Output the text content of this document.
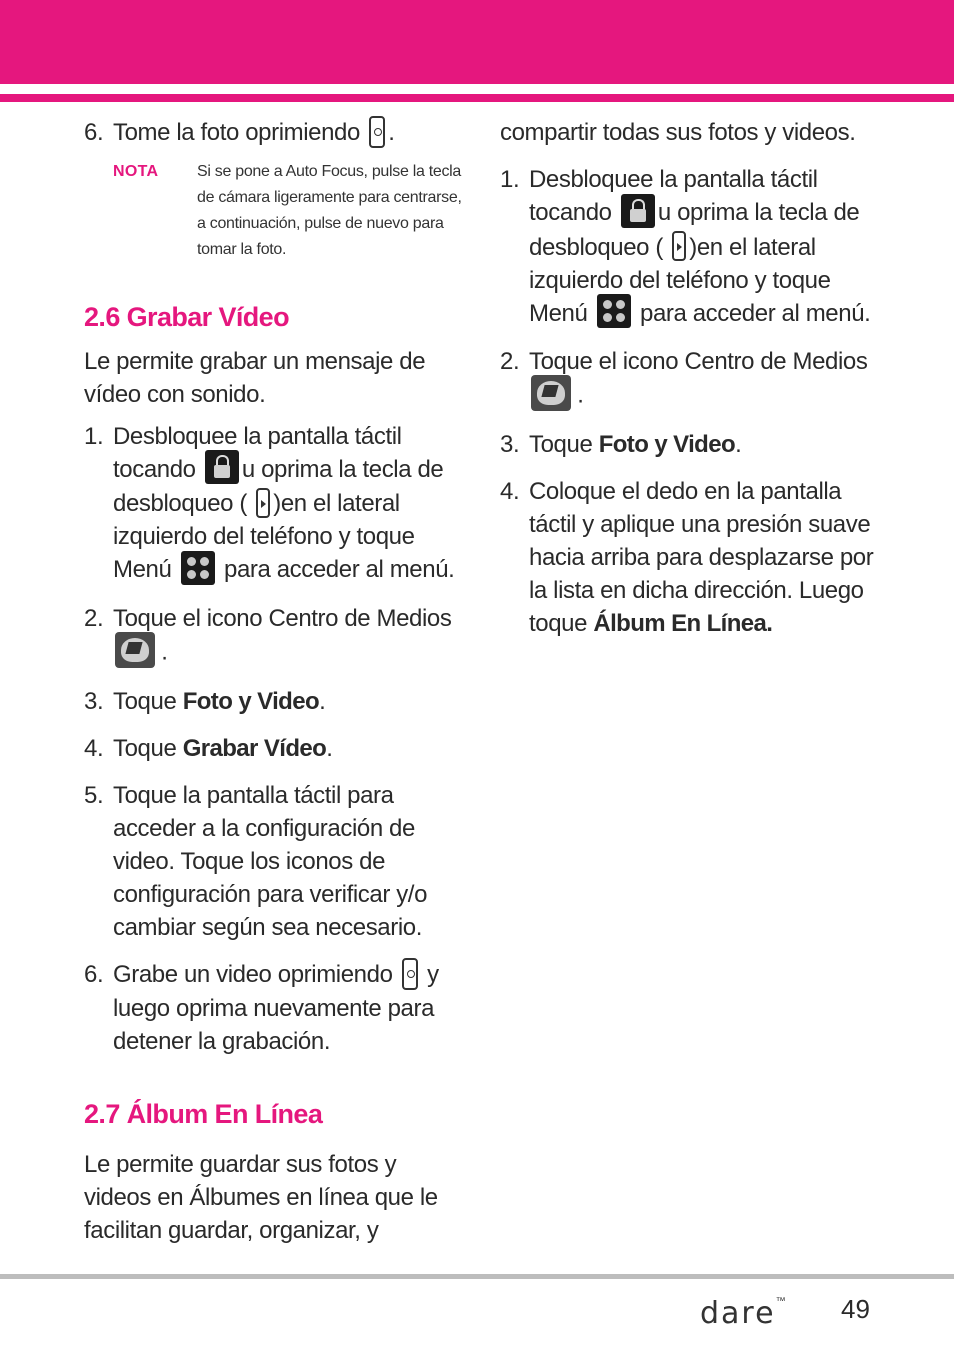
6. Tome la foto oprimiendo .
NOTA Si se pone a Auto Focus, pulse la tecla de cámara ligeramente para centrarse, a continuación, pulse de nuevo para tomar la foto.
2.6 Grabar Vídeo
Le permite grabar un mensaje de vídeo con sonido.
1. Desbloquee la pantalla táctil tocando u oprima la tecla de desbloqueo ( )en el lateral izquierdo del teléfono y toque Menú para acceder al menú.
2. Toque el icono Centro de Medios
.
3. Toque Foto y Video.
4. Toque Grabar Vídeo.
5. Toque la pantalla táctil para acceder a la configuración de video. Toque los iconos de configuración para verificar y/o cambiar según sea necesario.
6. Grabe un video oprimiendo y luego oprima nuevamente para detener la grabación.
2.7 Álbum En Línea
Le permite guardar sus fotos y videos en Álbumes en línea que le facilitan guardar, organizar, y
compartir todas sus fotos y videos.
1. Desbloquee la pantalla táctil tocando u oprima la tecla de desbloqueo ( )en el lateral izquierdo del teléfono y toque Menú para acceder al menú.
2. Toque el icono Centro de Medios
.
3. Toque Foto y Video.
4. Coloque el dedo en la pantalla táctil y aplique una presión suave hacia arriba para desplazarse por la lista en dicha dirección. Luego toque Álbum En Línea.
dare™ 49
